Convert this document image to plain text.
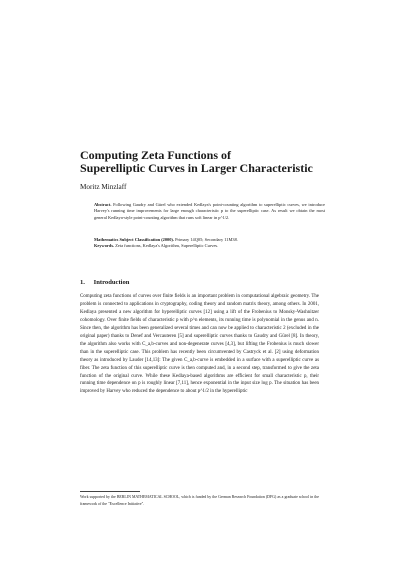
Computing Zeta Functions of
Superelliptic Curves in Larger Characteristic
Moritz Minzlaff
Abstract. Following Gaudry and Gürel who extended Kedlaya's point-counting algorithm to superelliptic curves, we introduce Harvey's running time improvements for large enough characteristic p to the superelliptic case. As result we obtain the most general Kedlaya-style point-counting algorithm that runs soft linear in p^1/2.
Mathematics Subject Classification (2000). Primary 14Q05; Secondary 11M38.
Keywords. Zeta functions, Kedlaya's Algorithm, Superelliptic Curves.
1. Introduction
Computing zeta functions of curves over finite fields is an important problem in computational algebraic geometry. The problem is connected to applications in cryptography, coding theory and random matrix theory, among others. In 2001, Kedlaya presented a new algorithm for hyperelliptic curves [12] using a lift of the Frobenius to Monsky-Washnitzer cohomology. Over finite fields of characteristic p with p^n elements, its running time is polynomial in the genus and n. Since then, the algorithm has been generalized several times and can now be applied to characteristic 2 (excluded in the original paper) thanks to Denef and Vercauteren [5] and superelliptic curves thanks to Gaudry and Gürel [8]. In theory, the algorithm also works with C_a,b-curves and non-degenerate curves [4,3], but lifting the Frobenius is much slower than in the superelliptic case. This problem has recently been circumvented by Castryck et al. [2] using deformation theory as introduced by Lauder [14,13]: The given C_a,b-curve is embedded in a surface with a superelliptic curve as fiber. The zeta function of this superelliptic curve is then computed and, in a second step, transformed to give the zeta function of the original curve. While these Kedlaya-based algorithms are efficient for small characteristic p, their running time dependence on p is roughly linear [7,11], hence exponential in the input size log p. The situation has been improved by Harvey who reduced the dependence to about p^1/2 in the hyperelliptic
Work supported by the BERLIN MATHEMATICAL SCHOOL, which is funded by the German Research Foundation (DFG) as a graduate school in the framework of the "Excellence Initiative".
